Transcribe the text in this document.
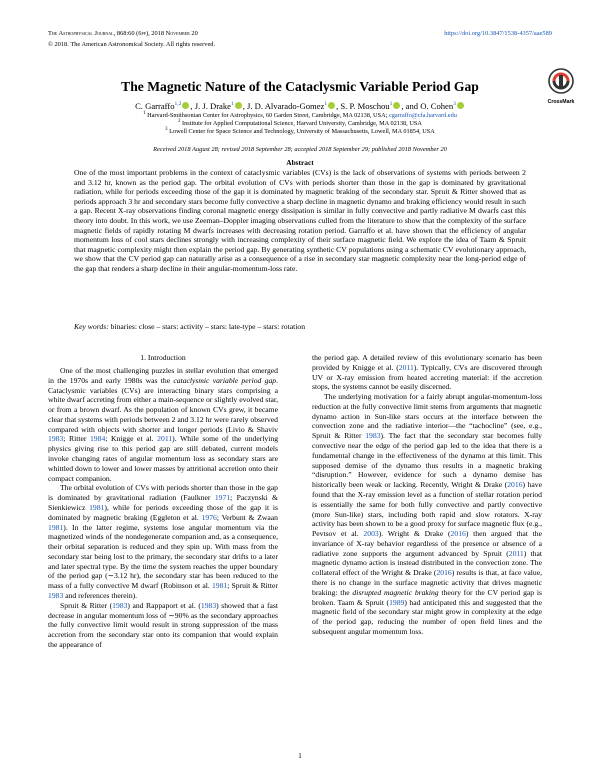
The Astrophysical Journal, 868:60 (6pp), 2018 November 20	https://doi.org/10.3847/1538-4357/aae589
© 2018. The American Astronomical Society. All rights reserved.
CrossMark
The Magnetic Nature of the Cataclysmic Variable Period Gap
C. Garraffo$^{1,2}$ , J. J. Drake$^1$ , J. D. Alvarado-Gomez$^1$ , S. P. Moschou$^1$ , and O. Cohen$^3$
$^1$ Harvard-Smithsonian Center for Astrophysics, 60 Garden Street, Cambridge, MA 02138, USA; cgarraffo@cfa.harvard.edu
$^2$ Institute for Applied Computational Science, Harvard University, Cambridge, MA 02138, USA
$^3$ Lowell Center for Space Science and Technology, University of Massachusetts, Lowell, MA 01854, USA
Received 2018 August 28; revised 2018 September 28; accepted 2018 September 29; published 2018 November 20
Abstract
One of the most important problems in the context of cataclysmic variables (CVs) is the lack of observations of systems with periods between 2 and 3.12 hr, known as the period gap. The orbital evolution of CVs with periods shorter than those in the gap is dominated by gravitational radiation, while for periods exceeding those of the gap it is dominated by magnetic braking of the secondary star. Spruit & Ritter showed that as periods approach 3 hr and secondary stars become fully convective a sharp decline in magnetic dynamo and braking efficiency would result in such a gap. Recent X-ray observations finding coronal magnetic energy dissipation is similar in fully convective and partly radiative M dwarfs cast this theory into doubt. In this work, we use Zeeman–Doppler imaging observations culled from the literature to show that the complexity of the surface magnetic fields of rapidly rotating M dwarfs increases with decreasing rotation period. Garraffo et al. have shown that the efficiency of angular momentum loss of cool stars declines strongly with increasing complexity of their surface magnetic field. We explore the idea of Taam & Spruit that magnetic complexity might then explain the period gap. By generating synthetic CV populations using a schematic CV evolutionary approach, we show that the CV period gap can naturally arise as a consequence of a rise in secondary star magnetic complexity near the long-period edge of the gap that renders a sharp decline in their angular-momentum-loss rate.
Key words: binaries: close – stars: activity – stars: late-type – stars: rotation
1. Introduction

One of the most challenging puzzles in stellar evolution that emerged in the 1970s and early 1980s was the cataclysmic variable period gap. Cataclysmic variables (CVs) are interacting binary stars comprising a white dwarf accreting from either a main-sequence or slightly evolved star, or from a brown dwarf. As the population of known CVs grew, it became clear that systems with periods between 2 and 3.12 hr were rarely observed compared with objects with shorter and longer periods (Livio & Shaviv 1983; Ritter 1984; Knigge et al. 2011). While some of the underlying physics giving rise to this period gap are still debated, current models invoke changing rates of angular momentum loss as secondary stars are whittled down to lower and lower masses by attritional accretion onto their compact companion.

The orbital evolution of CVs with periods shorter than those in the gap is dominated by gravitational radiation (Faulkner 1971; Paczynski & Sienkiewicz 1981), while for periods exceeding those of the gap it is dominated by magnetic braking (Eggleton et al. 1976; Verbunt & Zwaan 1981). In the latter regime, systems lose angular momentum via the magnetized winds of the nondegenerate companion and, as a consequence, their orbital separation is reduced and they spin up. With mass from the secondary star being lost to the primary, the secondary star drifts to a later and later spectral type. By the time the system reaches the upper boundary of the period gap (∼3.12 hr), the secondary star has been reduced to the mass of a fully convective M dwarf (Robinson et al. 1981; Spruit & Ritter 1983 and references therein).

Spruit & Ritter (1983) and Rappaport et al. (1983) showed that a fast decrease in angular momentum loss of ∼90% as the secondary approaches the fully convective limit would result in strong suppression of the mass accretion from the secondary star onto its companion that would explain the appearance of

the period gap. A detailed review of this evolutionary scenario has been provided by Knigge et al. (2011). Typically, CVs are discovered through UV or X-ray emission from heated accreting material: if the accretion stops, the systems cannot be easily discerned.

The underlying motivation for a fairly abrupt angular-momentum-loss reduction at the fully convective limit stems from arguments that magnetic dynamo action in Sun-like stars occurs at the interface between the convection zone and the radiative interior—the “tachocline” (see, e.g., Spruit & Ritter 1983). The fact that the secondary star becomes fully convective near the edge of the period gap led to the idea that there is a fundamental change in the effectiveness of the dynamo at this limit. This supposed demise of the dynamo thus results in a magnetic braking “disruption.” However, evidence for such a dynamo demise has historically been weak or lacking. Recently, Wright & Drake (2016) have found that the X-ray emission level as a function of stellar rotation period is essentially the same for both fully convective and partly convective (more Sun-like) stars, including both rapid and slow rotators. X-ray activity has been shown to be a good proxy for surface magnetic flux (e.g., Pevtsov et al. 2003). Wright & Drake (2016) then argued that the invariance of X-ray behavior regardless of the presence or absence of a radiative zone supports the argument advanced by Spruit (2011) that magnetic dynamo action is instead distributed in the convection zone. The collateral effect of the Wright & Drake (2016) results is that, at face value, there is no change in the surface magnetic activity that drives magnetic braking: the disrupted magnetic braking theory for the CV period gap is broken. Taam & Spruit (1989) had anticipated this and suggested that the magnetic field of the secondary star might grow in complexity at the edge of the period gap, reducing the number of open field lines and the subsequent angular momentum loss.

1
